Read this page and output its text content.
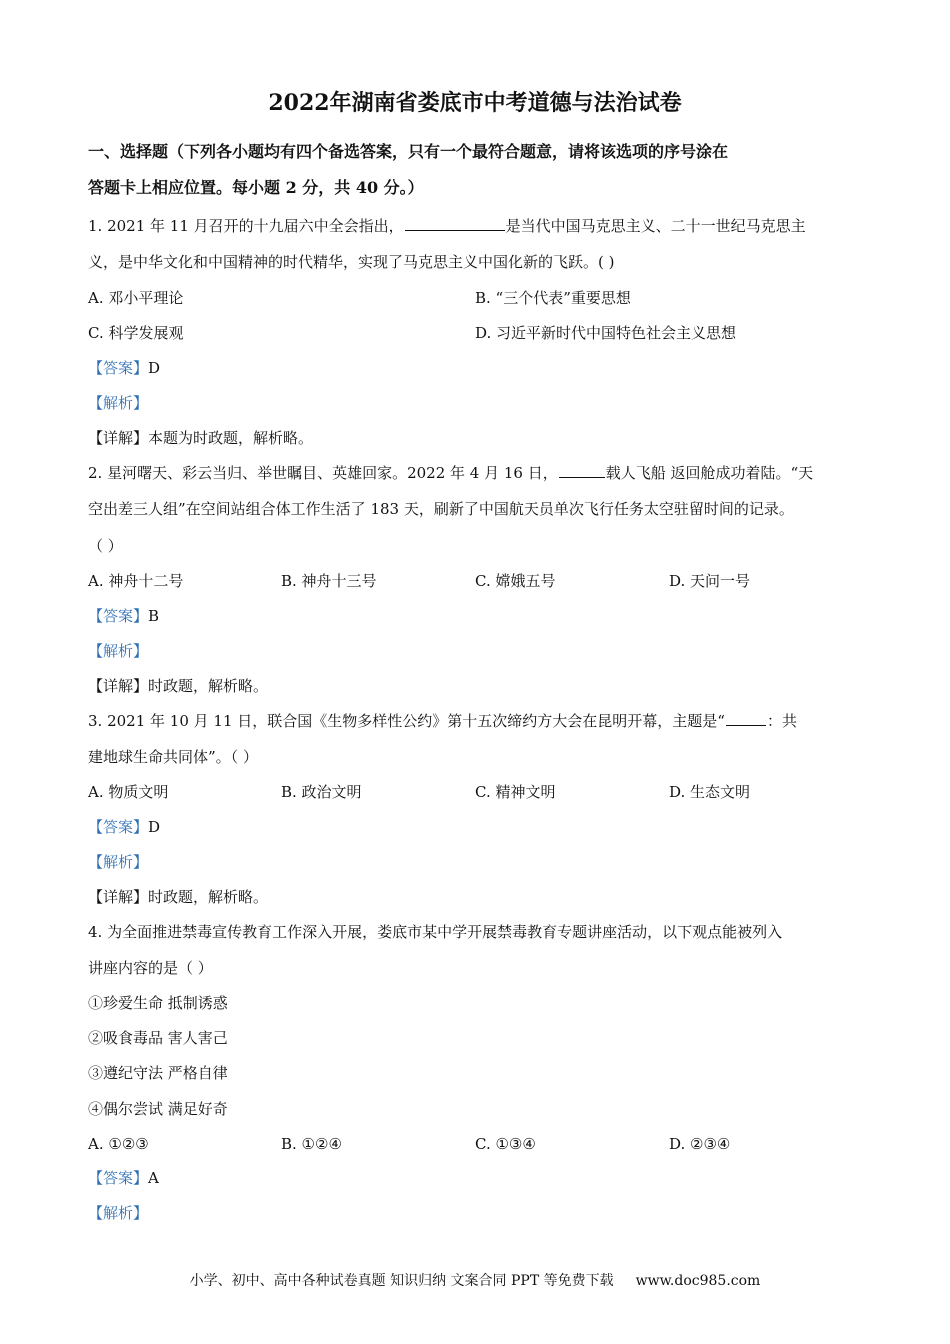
2022年湖南省娄底市中考道德与法治试卷
一、选择题（下列各小题均有四个备选答案，只有一个最符合题意，请将该选项的序号涂在
答题卡上相应位置。每小题 2 分，共 40 分。）
1. 2021 年 11 月召开的十九届六中全会指出，	是当代中国马克思主义、二十一世纪马克思主
义，是中华文化和中国精神的时代精华，实现了马克思主义中国化新的飞跃。( )
A. 邓小平理论	B. “三个代表”重要思想
C. 科学发展观	D. 习近平新时代中国特色社会主义思想
【答案】D
【解析】
【详解】本题为时政题，解析略。
2. 星河曙天、彩云当归、举世瞩目、英雄回家。2022 年 4 月 16 日，	载人飞船 返回舱成功着陆。“天
空出差三人组”在空间站组合体工作生活了 183 天，刷新了中国航天员单次飞行任务太空驻留时间的记录。
（ ）
A. 神舟十二号	B. 神舟十三号	C. 嫦娥五号	D. 天问一号
【答案】B
【解析】
【详解】时政题，解析略。
3. 2021 年 10 月 11 日，联合国《生物多样性公约》第十五次缔约方大会在昆明开幕，主题是“	：共
建地球生命共同体”。（ ）
A. 物质文明	B. 政治文明	C. 精神文明	D. 生态文明
【答案】D
【解析】
【详解】时政题，解析略。
4. 为全面推进禁毒宣传教育工作深入开展，娄底市某中学开展禁毒教育专题讲座活动，以下观点能被列入
讲座内容的是（ ）
①珍爱生命 抵制诱惑
②吸食毒品 害人害己
③遵纪守法 严格自律
④偶尔尝试 满足好奇
A. ①②③	B. ①②④	C. ①③④	D. ②③④
【答案】A
【解析】
小学、初中、高中各种试卷真题 知识归纳 文案合同 PPT 等免费下载 www.doc985.com
